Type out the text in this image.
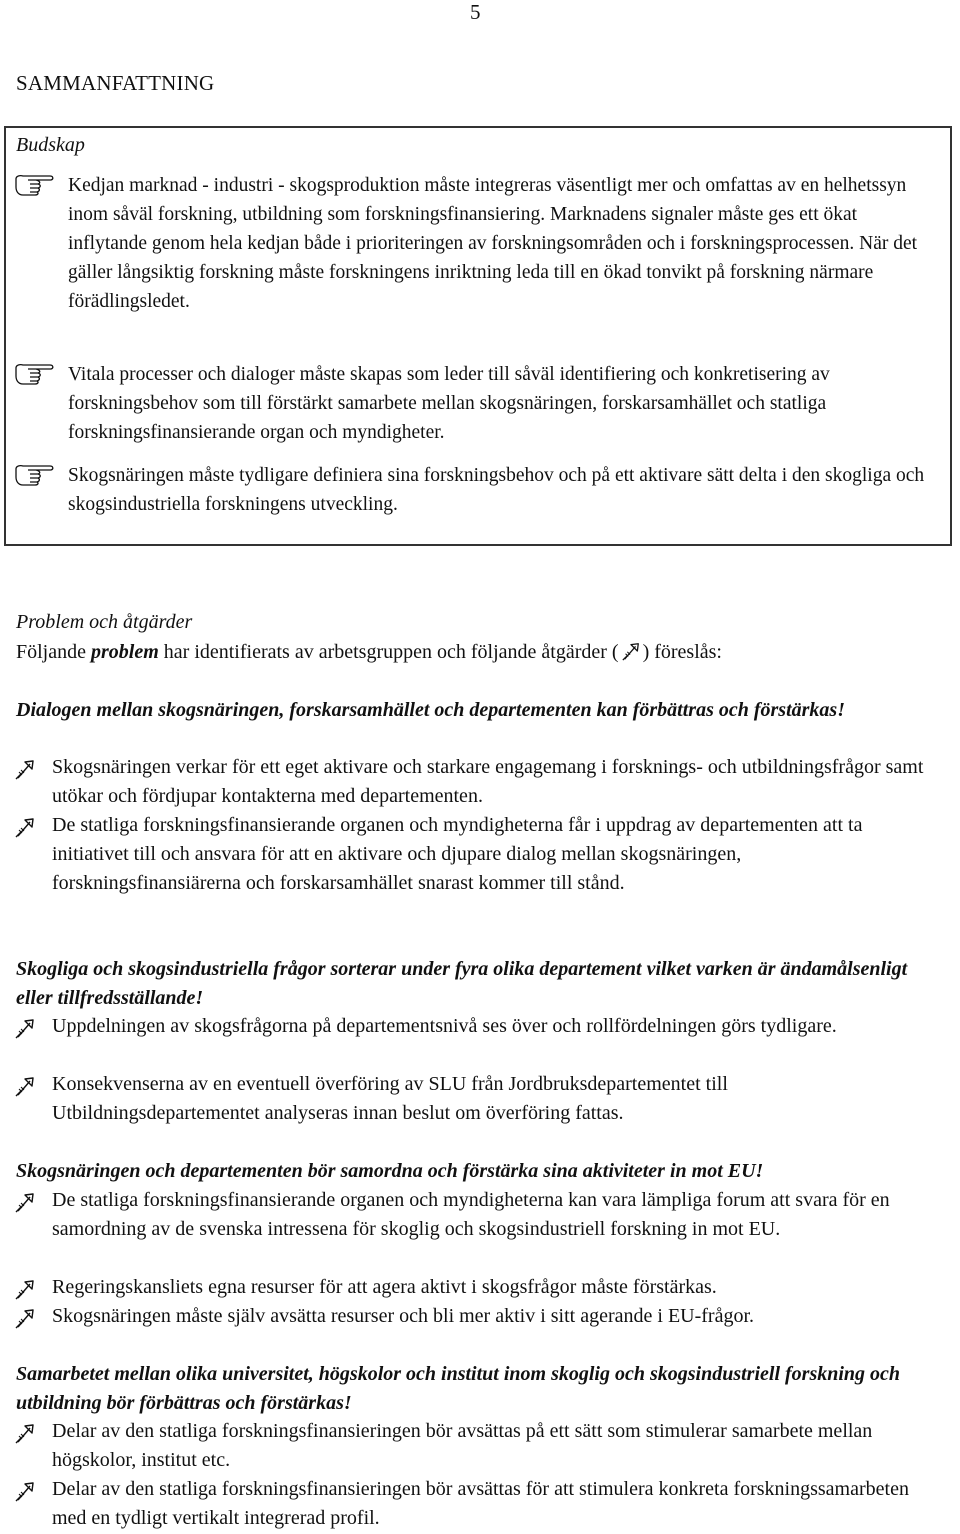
5
SAMMANFATTNING
Budskap
Kedjan marknad - industri - skogsproduktion måste integreras väsentligt mer och omfattas av en helhetssyn inom såväl forskning, utbildning som forskningsfinansiering. Marknadens signaler måste ges ett ökat inflytande genom hela kedjan både i prioriteringen av forskningsområden och i forskningsprocessen. När det gäller långsiktig forskning måste forskningens inriktning leda till en ökad tonvikt på forskning närmare förädlingsledet.
Vitala processer och dialoger måste skapas som leder till såväl identifiering och konkretisering av forskningsbehov som till förstärkt samarbete mellan skogsnäringen, forskarsamhället och statliga forskningsfinansierande organ och myndigheter.
Skogsnäringen måste tydligare definiera sina forskningsbehov och på ett aktivare sätt delta i den skogliga och skogsindustriella forskningens utveckling.
Problem och åtgärder
Följande problem har identifierats av arbetsgruppen och följande åtgärder ( ) föreslås:
Dialogen mellan skogsnäringen, forskarsamhället och departementen kan förbättras och förstärkas!
Skogsnäringen verkar för ett eget aktivare och starkare engagemang i forsknings- och utbildningsfrågor samt utökar och fördjupar kontakterna med departementen.
De statliga forskningsfinansierande organen och myndigheterna får i uppdrag av departementen att ta initiativet till och ansvara för att en aktivare och djupare dialog mellan skogsnäringen, forskningsfinansiärerna och forskarsamhället snarast kommer till stånd.
Skogliga och skogsindustriella frågor sorterar under fyra olika departement vilket varken är ändamålsenligt eller tillfredsställande!
Uppdelningen av skogsfrågorna på departementsnivå ses över och rollfördelningen görs tydligare.
Konsekvenserna av en eventuell överföring av SLU från Jordbruksdepartementet till Utbildningsdepartementet analyseras innan beslut om överföring fattas.
Skogsnäringen och departementen bör samordna och förstärka sina aktiviteter in mot EU!
De statliga forskningsfinansierande organen och myndigheterna kan vara lämpliga forum att svara för en samordning av de svenska intressena för skoglig och skogsindustriell forskning in mot EU.
Regeringskansliets egna resurser för att agera aktivt i skogsfrågor måste förstärkas.
Skogsnäringen måste själv avsätta resurser och bli mer aktiv i sitt agerande i EU-frågor.
Samarbetet mellan olika universitet, högskolor och institut inom skoglig och skogsindustriell forskning och utbildning bör förbättras och förstärkas!
Delar av den statliga forskningsfinansieringen bör avsättas på ett sätt som stimulerar samarbete mellan högskolor, institut etc.
Delar av den statliga forskningsfinansieringen bör avsättas för att stimulera konkreta forskningssamarbeten med en tydligt vertikalt integrerad profil.
